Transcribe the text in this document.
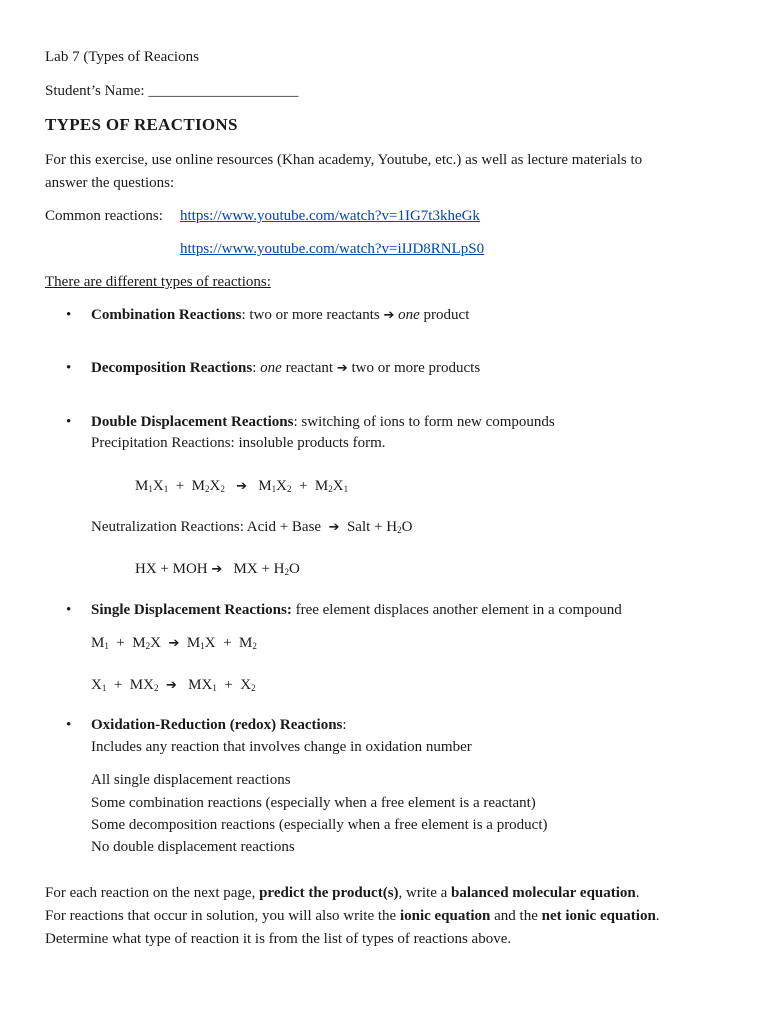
Lab 7 (Types of Reacions
Student’s Name: ____________________
TYPES OF REACTIONS
For this exercise, use online resources (Khan academy, Youtube, etc.) as well as lecture materials to
answer the questions:
Common reactions: https://www.youtube.com/watch?v=1IG7t3kheGk
https://www.youtube.com/watch?v=iIJD8RNLpS0
There are different types of reactions:
• Combination Reactions: two or more reactants ➔ one product
• Decomposition Reactions: one reactant ➔ two or more products
• Double Displacement Reactions: switching of ions to form new compounds
Precipitation Reactions: insoluble products form.
$M_1X_1 + M_2X_2$ ➔ $M_1X_2 + M_2X_1$
Neutralization Reactions: Acid + Base ➔ Salt + $H_2O$
HX + MOH ➔ MX + $H_2O$
• Single Displacement Reactions: free element displaces another element in a compound
$M_1 + M_2X$  ➔  $M_1X + M_2$
$X_1 + MX_2$ ➔   $MX_1 + X_2$
• Oxidation-Reduction (redox) Reactions:
Includes any reaction that involves change in oxidation number
All single displacement reactions
Some combination reactions (especially when a free element is a reactant)
Some decomposition reactions (especially when a free element is a product)
No double displacement reactions
For each reaction on the next page, predict the product(s), write a balanced molecular equation.
For reactions that occur in solution, you will also write the ionic equation and the net ionic equation.
Determine what type of reaction it is from the list of types of reactions above.
